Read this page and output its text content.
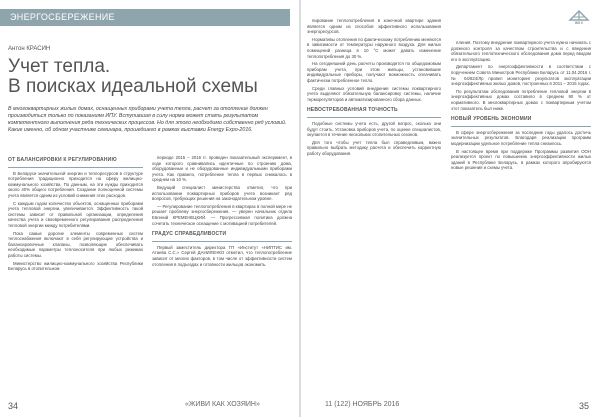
ЭНЕРГОСБЕРЕЖЕНИЕ
Антон КРАСИН
Учет тепла.
В поисках идеальной схемы
В многоквартирных жилых домах, оснащенных приборами учета тепла, расчет за отопление должен производиться только по показаниям ИПУ. Вступившая в силу норма может стать результатом компетентного выполнения ряда технических процессов. Но для этого необходимо собственно ряд условий. Какие именно, об одном участнике семинара, прошедшего в рамках выставки Energy Expo-2016.
ОТ БАЛАНСИРОВКИ К РЕГУЛИРОВАНИЮ

В Беларуси значительной энергии и теплоресурсов в структуре потребления традиционно приходится на сферу жилищно-коммунального хозяйства. По данным, на эти нужды приходится около 40% общего потребления. Создание полноценной системы учета является одним из условий снижения этих расходов.

С каждым годом количество объектов, оснащенных приборами учета тепловой энергии, увеличивается. Эффективность такой системы зависит от правильной организации, определения качества учета и своевременного регулирования распределения тепловой энергии между потребителями.

Пока самые дорогие элементы современных систем теплоснабжения включают в себя регулирующие устройства и балансировочные клапаны, позволяющие обеспечивать необходимые параметры теплоносителя при любых режимах работы системы.

Министерство жилищно-коммунального хозяйства Республики Беларусь в отопительном

периоде 2015 – 2016 гг. проведен показательный эксперимент, в ходе которого сравнивались идентичные по строению дома, оборудованные и не оборудованные индивидуальными приборами учета. Как правило, потребление тепла в первых снижалось в среднем на 10 %.

Ведущий специалист министерства отметил, что при использовании поквартирных приборов учета возникает ряд вопросов, требующих решения на законодательном уровне.

— Регулирование теплопотребления в квартирах в полной мере не решает проблему энергосбережения, — уверен начальник отдела Евгений КРЕМЕНЕЦКИЙ. — Прогрессивная политика должна сочетать техническое оснащение с мотивацией потребителей.

ГРАДУС СПРАВЕДЛИВОСТИ

Первый заместитель директора ГП «Институт «НИПТИС им. Атаева С.С.» Сергей ДАНИЛЕНКО отметил, что теплопотребление зависит от многих факторов, в том числе от эффективности систем отопления в подъездах и готовности жильцов экономить.

34	«ЖИВИ КАК ХОЗЯИН»
ЖКХ

пирование теплопотребления в конечной квартире здания является одним из способов эффективного использования энергоресурсов.

Нормативы отопления по фактическому потреблению меняются в зависимости от температуры наружного воздуха. Для жилых помещений разница в 10 °С может давать изменение теплопотребления до 30 %.

На сегодняшний день расчеты производятся по общедомовым приборам учета, при этом жильцы, установившие индивидуальные приборы, получают возможность оплачивать фактически потребленное тепло.

Среди главных условий внедрения системы поквартирного учета выделяют обязательную балансировку системы, наличие терморегуляторов и автоматизированного сбора данных.

НЕВОСТРЕБОВАННАЯ ТОЧНОСТЬ

Подобные системы учета есть, другой вопрос, сколько они будут стоить. Установка приборов учета, по оценке специалистов, окупается в течение нескольких отопительных сезонов.

Для того чтобы учет тепла был справедливым, важно правильно выбрать методику расчета и обеспечить корректную работу оборудования.

пления. Поэтому внедрение поквартирного учета нужно начинать с должного контроля за качеством строительства и с введения обязательного теплотехнического обследования дома перед вводом его в эксплуатацию.

Департамент по энергоэффективности в соответствии с поручением Совета Министров Республики Беларусь от 11.04.2016 г. № 04/824/Лр провел мониторинг результатов эксплуатации энергоэффективных жилых домов, построенных в 2011 – 2015 годах.

По результатам обследования потребление тепловой энергии в энергоэффективных домах составило в среднем 90 % от нормативного. В многоквартирных домах с поквартирным учетом этот показатель был ниже.

НОВЫЙ УРОВЕНЬ ЭКОНОМИИ

В сфере энергосбережения за последние годы удалось достичь значительных результатов. Благодаря реализации программ модернизации удельное потребление тепла снизилось.

В настоящее время при поддержке Программы развития ООН реализуется проект по повышению энергоэффективности жилых зданий в Республике Беларусь, в рамках которого апробируются новые решения и схемы учета.

11 (122) НОЯБРЬ 2016	35
